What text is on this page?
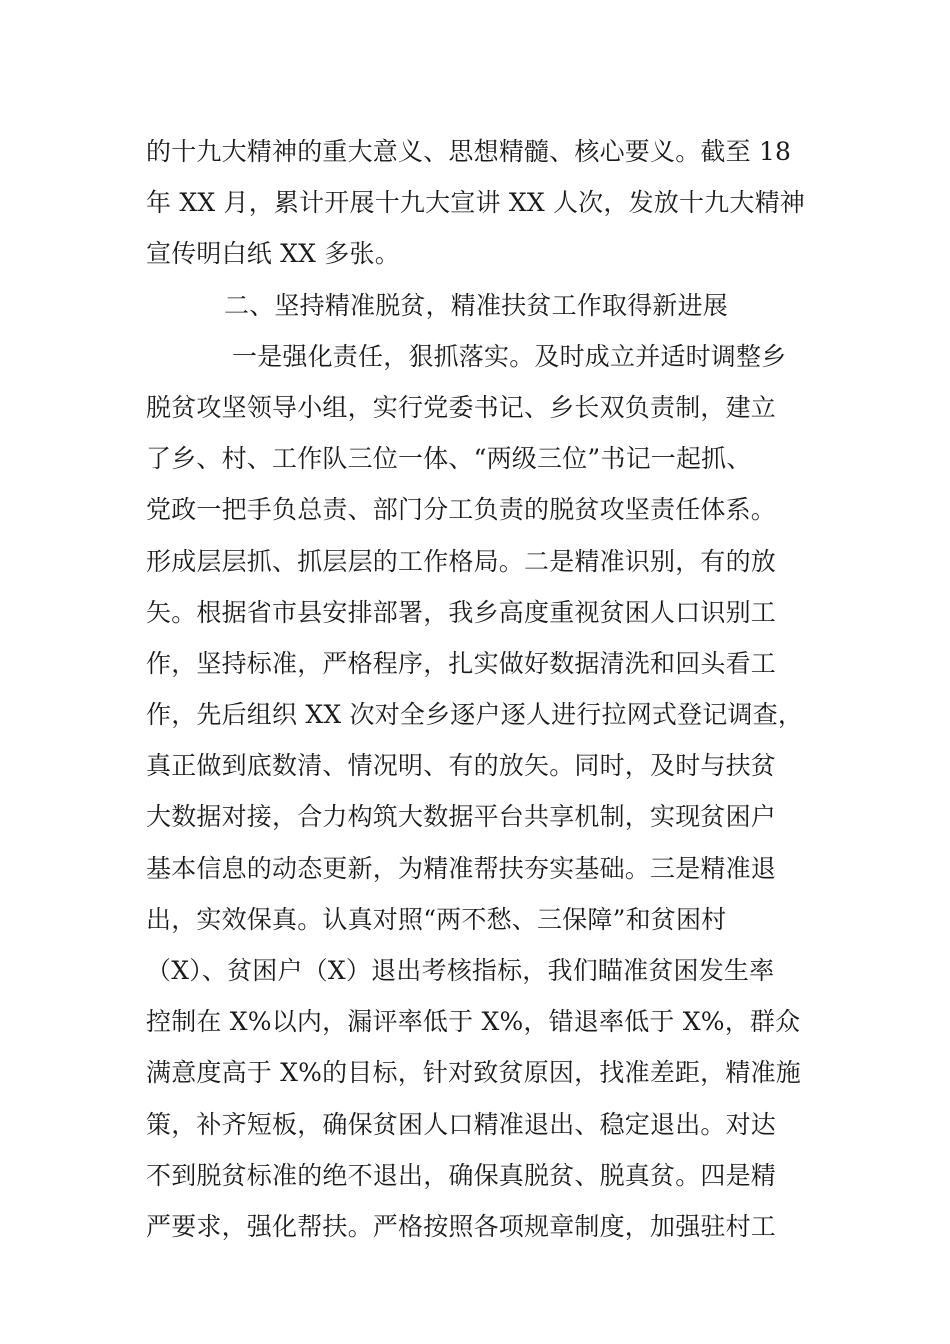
的十九大精神的重大意义、思想精髓、核心要义。截至 18
年 XX 月，累计开展十九大宣讲 XX 人次，发放十九大精神
宣传明白纸 XX 多张。
二、坚持精准脱贫，精准扶贫工作取得新进展
一是强化责任，狠抓落实。及时成立并适时调整乡
脱贫攻坚领导小组，实行党委书记、乡长双负责制，建立
了乡、村、工作队三位一体、“两级三位”书记一起抓、
党政一把手负总责、部门分工负责的脱贫攻坚责任体系。
形成层层抓、抓层层的工作格局。二是精准识别，有的放
矢。根据省市县安排部署，我乡高度重视贫困人口识别工
作，坚持标准，严格程序，扎实做好数据清洗和回头看工
作，先后组织 XX 次对全乡逐户逐人进行拉网式登记调查，
真正做到底数清、情况明、有的放矢。同时，及时与扶贫
大数据对接，合力构筑大数据平台共享机制，实现贫困户
基本信息的动态更新，为精准帮扶夯实基础。三是精准退
出，实效保真。认真对照“两不愁、三保障”和贫困村
（X）、贫困户（X）退出考核指标，我们瞄准贫困发生率
控制在 X%以内，漏评率低于 X%，错退率低于 X%，群众
满意度高于 X%的目标，针对致贫原因，找准差距，精准施
策，补齐短板，确保贫困人口精准退出、稳定退出。对达
不到脱贫标准的绝不退出，确保真脱贫、脱真贫。四是精
严要求，强化帮扶。严格按照各项规章制度，加强驻村工
